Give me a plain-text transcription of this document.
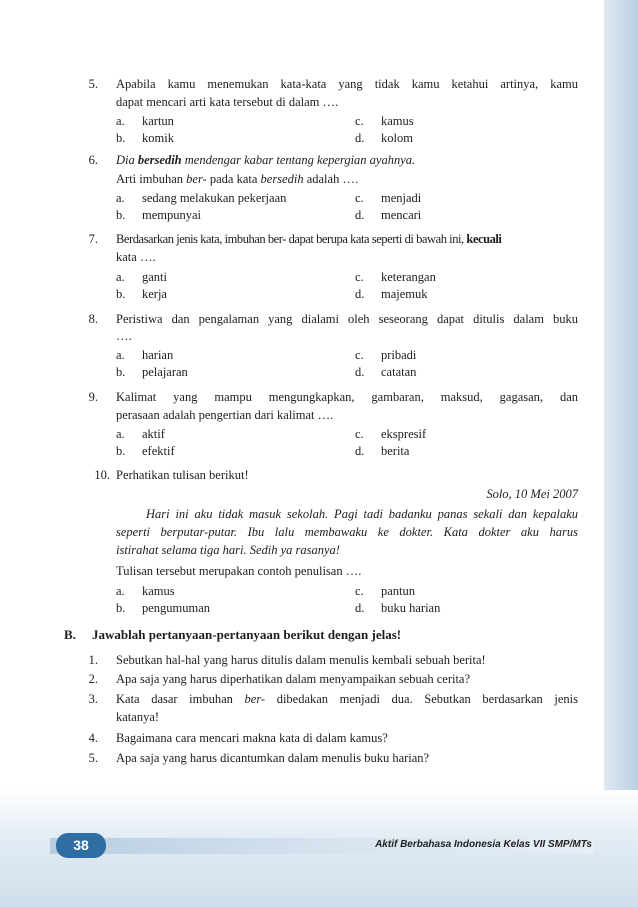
5. Apabila kamu menemukan kata-kata yang tidak kamu ketahui artinya, kamu
dapat mencari arti kata tersebut di dalam ….
a. kartun	c. kamus
b. komik	d. kolom
6. Dia bersedih mendengar kabar tentang kepergian ayahnya.
Arti imbuhan ber- pada kata bersedih adalah ….
a. sedang melakukan pekerjaan	c. menjadi
b. mempunyai	d. mencari
7. Berdasarkan jenis kata, imbuhan ber- dapat berupa kata seperti di bawah ini, kecuali
kata ….
a. ganti	c. keterangan
b. kerja	d. majemuk
8. Peristiwa dan pengalaman yang dialami oleh seseorang dapat ditulis dalam buku
….
a. harian	c. pribadi
b. pelajaran	d. catatan
9. Kalimat yang mampu mengungkapkan, gambaran, maksud, gagasan, dan
perasaan adalah pengertian dari kalimat ….
a. aktif	c. ekspresif
b. efektif	d. berita
10. Perhatikan tulisan berikut!
Solo, 10 Mei 2007
Hari ini aku tidak masuk sekolah. Pagi tadi badanku panas sekali dan kepalaku
seperti berputar-putar. Ibu lalu membawaku ke dokter. Kata dokter aku harus
istirahat selama tiga hari. Sedih ya rasanya!
Tulisan tersebut merupakan contoh penulisan ….
a. kamus	c. pantun
b. pengumuman	d. buku harian
B. Jawablah pertanyaan-pertanyaan berikut dengan jelas!
1. Sebutkan hal-hal yang harus ditulis dalam menulis kembali sebuah berita!
2. Apa saja yang harus diperhatikan dalam menyampaikan sebuah cerita?
3. Kata dasar imbuhan ber- dibedakan menjadi dua. Sebutkan berdasarkan jenis
katanya!
4. Bagaimana cara mencari makna kata di dalam kamus?
5. Apa saja yang harus dicantumkan dalam menulis buku harian?
38	Aktif Berbahasa Indonesia Kelas VII SMP/MTs
